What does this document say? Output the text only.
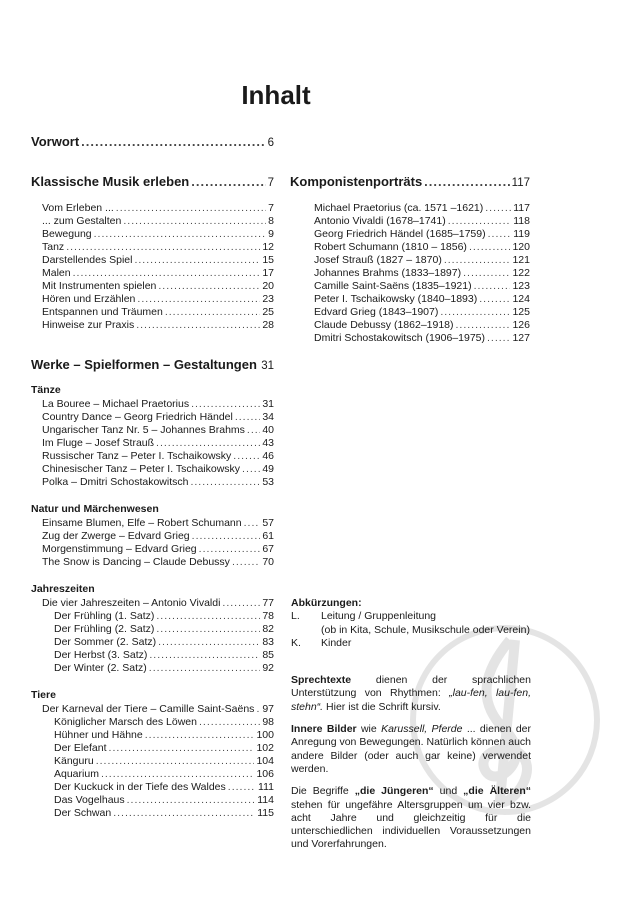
Inhalt
Vorwort .....	6
Klassische Musik erleben .....	7
Vom Erleben ... .....	7
... zum Gestalten .....	8
Bewegung .....	9
Tanz .....	12
Darstellendes Spiel .....	15
Malen .....	17
Mit Instrumenten spielen .....	20
Hören und Erzählen .....	23
Entspannen und Träumen .....	25
Hinweise zur Praxis .....	28
Werke – Spielformen – Gestaltungen 31
Tänze
La Bouree – Michael Praetorius .....	31
Country Dance – Georg Friedrich Händel .....	34
Ungarischer Tanz Nr. 5 – Johannes Brahms ..... 40
Im Fluge – Josef Strauß .....	43
Russischer Tanz – Peter I. Tschaikowsky .....	46
Chinesischer Tanz – Peter I. Tschaikowsky ..... 49
Polka – Dmitri Schostakowitsch .....	53
Natur und Märchenwesen
Einsame Blumen, Elfe – Robert Schumann ..... 57
Zug der Zwerge – Edvard Grieg .....	61
Morgenstimmung – Edvard Grieg .....	67
The Snow is Dancing – Claude Debussy .....	70
Jahreszeiten
Die vier Jahreszeiten – Antonio Vivaldi .....	77
Der Frühling (1. Satz) .....	78
Der Frühling (2. Satz) .....	82
Der Sommer (2. Satz) .....	83
Der Herbst (3. Satz) .....	85
Der Winter (2. Satz) .....	92
Tiere
Der Karneval der Tiere – Camille Saint-Saëns ..... 97
Königlicher Marsch des Löwen .....	98
Hühner und Hähne .....	100
Der Elefant .....	102
Känguru .....	104
Aquarium .....	106
Der Kuckuck in der Tiefe des Waldes .....	111
Das Vogelhaus .....	114
Der Schwan .....	115
Komponistenporträts .....	117
Michael Praetorius (ca. 1571 –1621) .....	117
Antonio Vivaldi (1678–1741) .....	118
Georg Friedrich Händel (1685–1759) .....	119
Robert Schumann (1810 – 1856) .....	120
Josef Strauß (1827 – 1870) .....	121
Johannes Brahms (1833–1897) .....	122
Camille Saint-Saëns (1835–1921) .....	123
Peter I. Tschaikowsky (1840–1893) .....	124
Edvard Grieg (1843–1907) .....	125
Claude Debussy (1862–1918) .....	126
Dmitri Schostakowitsch (1906–1975) .....	127
Abkürzungen:
L.	Leitung / Gruppenleitung
(ob in Kita, Schule, Musikschule oder Verein)
K.	Kinder
Sprechtexte dienen der sprachlichen Unterstützung von Rhythmen: „lau-fen, lau-fen, stehn“. Hier ist die Schrift kursiv.
Innere Bilder wie Karussell, Pferde ... dienen der Anregung von Bewegungen. Natürlich können auch andere Bilder (oder auch gar keine) verwendet werden.
Die Begriffe „die Jüngeren“ und „die Älteren“ stehen für ungefähre Altersgruppen um vier bzw. acht Jahre und gleichzeitig für die unterschiedlichen individuellen Voraussetzungen und Vorerfahrungen.
